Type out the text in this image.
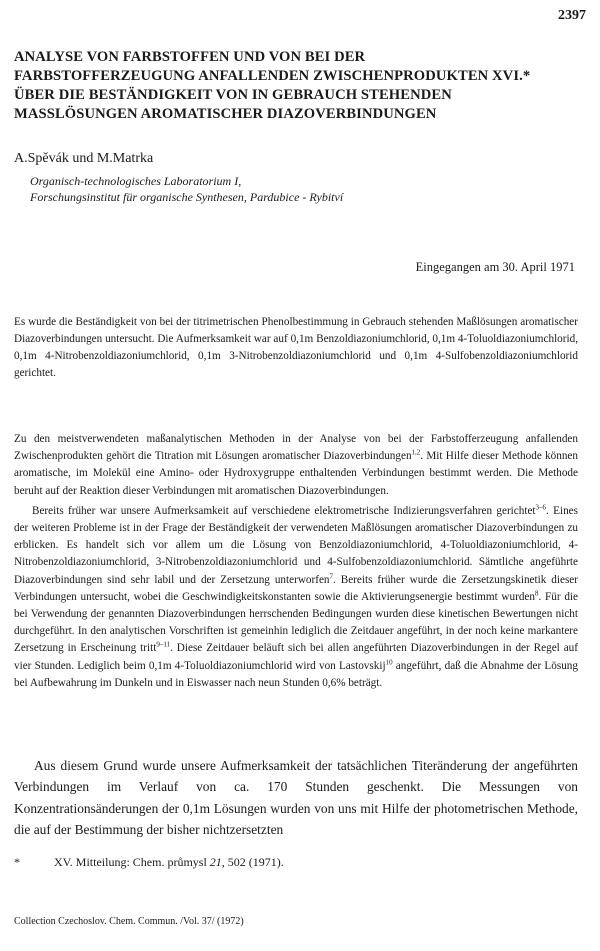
2397
ANALYSE VON FARBSTOFFEN UND VON BEI DER
FARBSTOFFERZEUGUNG ANFALLENDEN ZWISCHENPRODUKTEN XVI.*
ÜBER DIE BESTÄNDIGKEIT VON IN GEBRAUCH STEHENDEN
MASSLÖSUNGEN AROMATISCHER DIAZOVERBINDUNGEN

A.Spěvák und M.Matrka

Organisch-technologisches Laboratorium I,
Forschungsinstitut für organische Synthesen, Pardubice - Rybitví
Eingegangen am 30. April 1971

Es wurde die Beständigkeit von bei der titrimetrischen Phenolbestimmung in Gebrauch stehenden Maßlösungen aromatischer Diazoverbindungen untersucht. Die Aufmerksamkeit war auf 0,1m Benzoldiazoniumchlorid, 0,1m 4-Toluoldiazoniumchlorid, 0,1m 4-Nitrobenzoldiazoniumchlorid, 0,1m 3-Nitrobenzoldiazoniumchlorid und 0,1m 4-Sulfobenzoldiazoniumchlorid gerichtet.

Zu den meistverwendeten maßanalytischen Methoden in der Analyse von bei der Farbstofferzeugung anfallenden Zwischenprodukten gehört die Titration mit Lösungen aromatischer Diazoverbindungen$^{1,2}$. Mit Hilfe dieser Methode können aromatische, im Molekül eine Amino- oder Hydroxygruppe enthaltenden Verbindungen bestimmt werden. Die Methode beruht auf der Reaktion dieser Verbindungen mit aromatischen Diazoverbindungen.

Bereits früher war unsere Aufmerksamkeit auf verschiedene elektrometrische Indizierungsverfahren gerichtet$^{3-6}$. Eines der weiteren Probleme ist in der Frage der Beständigkeit der verwendeten Maßlösungen aromatischer Diazoverbindungen zu erblicken. Es handelt sich vor allem um die Lösung von Benzoldiazoniumchlorid, 4-Toluoldiazoniumchlorid, 4-Nitrobenzoldiazoniumchlorid, 3-Nitrobenzoldiazoniumchlorid und 4-Sulfobenzoldiazoniumchlorid. Sämtliche angeführte Diazoverbindungen sind sehr labil und der Zersetzung unterworfen$^7$. Bereits früher wurde die Zersetzungskinetik dieser Verbindungen untersucht, wobei die Geschwindigkeitskonstanten sowie die Aktivierungsenergie bestimmt wurden$^8$. Für die bei Verwendung der genannten Diazoverbindungen herrschenden Bedingungen wurden diese kinetischen Bewertungen nicht durchgeführt. In den analytischen Vorschriften ist gemeinhin lediglich die Zeitdauer angeführt, in der noch keine markantere Zersetzung in Erscheinung tritt$^{9-11}$. Diese Zeitdauer beläuft sich bei allen angeführten Diazoverbindungen in der Regel auf vier Stunden. Lediglich beim 0,1m 4-Toluoldiazoniumchlorid wird von Lastovskij$^{10}$ angeführt, daß die Abnahme der Lösung bei Aufbewahrung im Dunkeln und in Eiswasser nach neun Stunden 0,6% beträgt.

Aus diesem Grund wurde unsere Aufmerksamkeit der tatsächlichen Titeränderung der angeführten Verbindungen im Verlauf von ca. 170 Stunden geschenkt. Die Messungen von Konzentrationsänderungen der 0,1m Lösungen wurden von uns mit Hilfe der photometrischen Methode, die auf der Bestimmung der bisher nichtzersetzten

*	XV. Mitteilung: Chem. průmysl 21, 502 (1971).
Collection Czechoslov. Chem. Commun. /Vol. 37/ (1972)
